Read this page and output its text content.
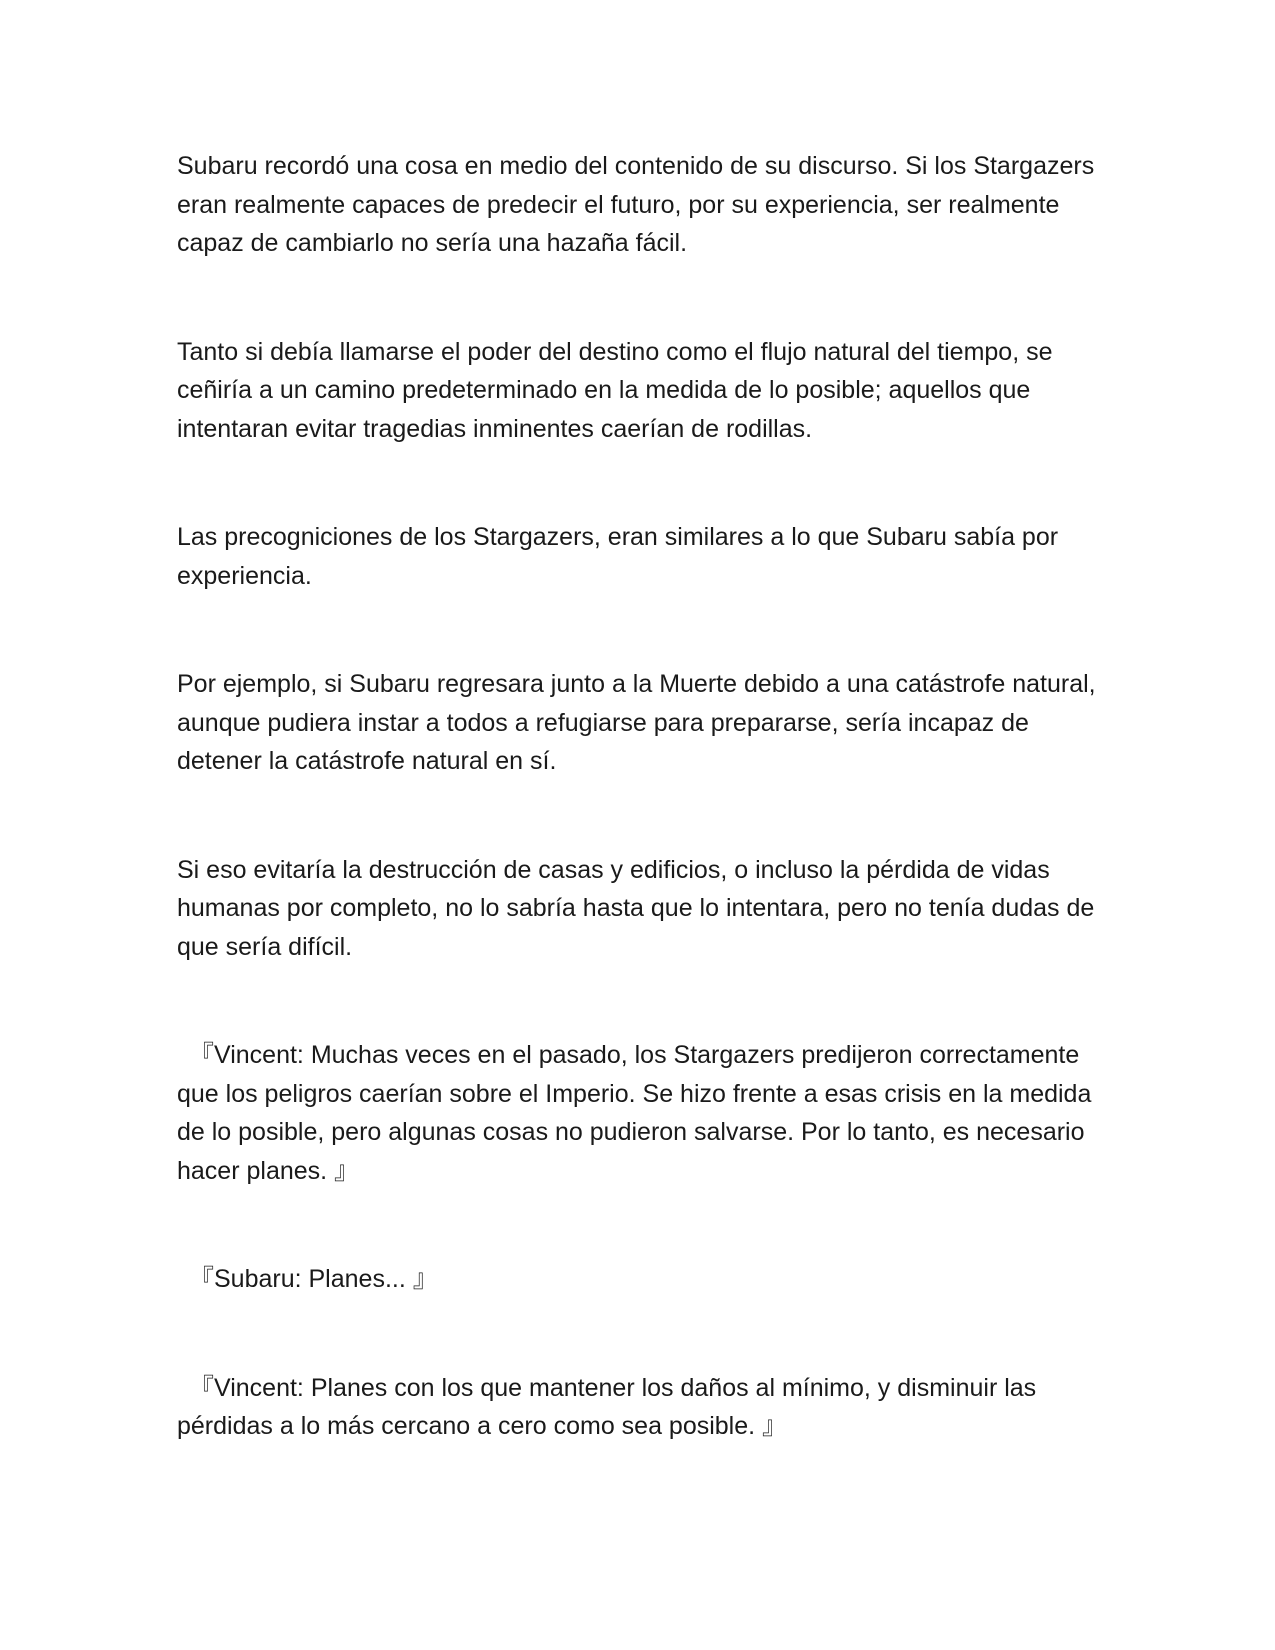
Subaru recordó una cosa en medio del contenido de su discurso. Si los Stargazers eran realmente capaces de predecir el futuro, por su experiencia, ser realmente capaz de cambiarlo no sería una hazaña fácil.

Tanto si debía llamarse el poder del destino como el flujo natural del tiempo, se ceñiría a un camino predeterminado en la medida de lo posible; aquellos que intentaran evitar tragedias inminentes caerían de rodillas.

Las precogniciones de los Stargazers, eran similares a lo que Subaru sabía por experiencia.

Por ejemplo, si Subaru regresara junto a la Muerte debido a una catástrofe natural, aunque pudiera instar a todos a refugiarse para prepararse, sería incapaz de detener la catástrofe natural en sí.

Si eso evitaría la destrucción de casas y edificios, o incluso la pérdida de vidas humanas por completo, no lo sabría hasta que lo intentara, pero no tenía dudas de que sería difícil.

『Vincent: Muchas veces en el pasado, los Stargazers predijeron correctamente que los peligros caerían sobre el Imperio. Se hizo frente a esas crisis en la medida de lo posible, pero algunas cosas no pudieron salvarse. Por lo tanto, es necesario hacer planes. 』

『Subaru: Planes... 』

『Vincent: Planes con los que mantener los daños al mínimo, y disminuir las pérdidas a lo más cercano a cero como sea posible. 』
